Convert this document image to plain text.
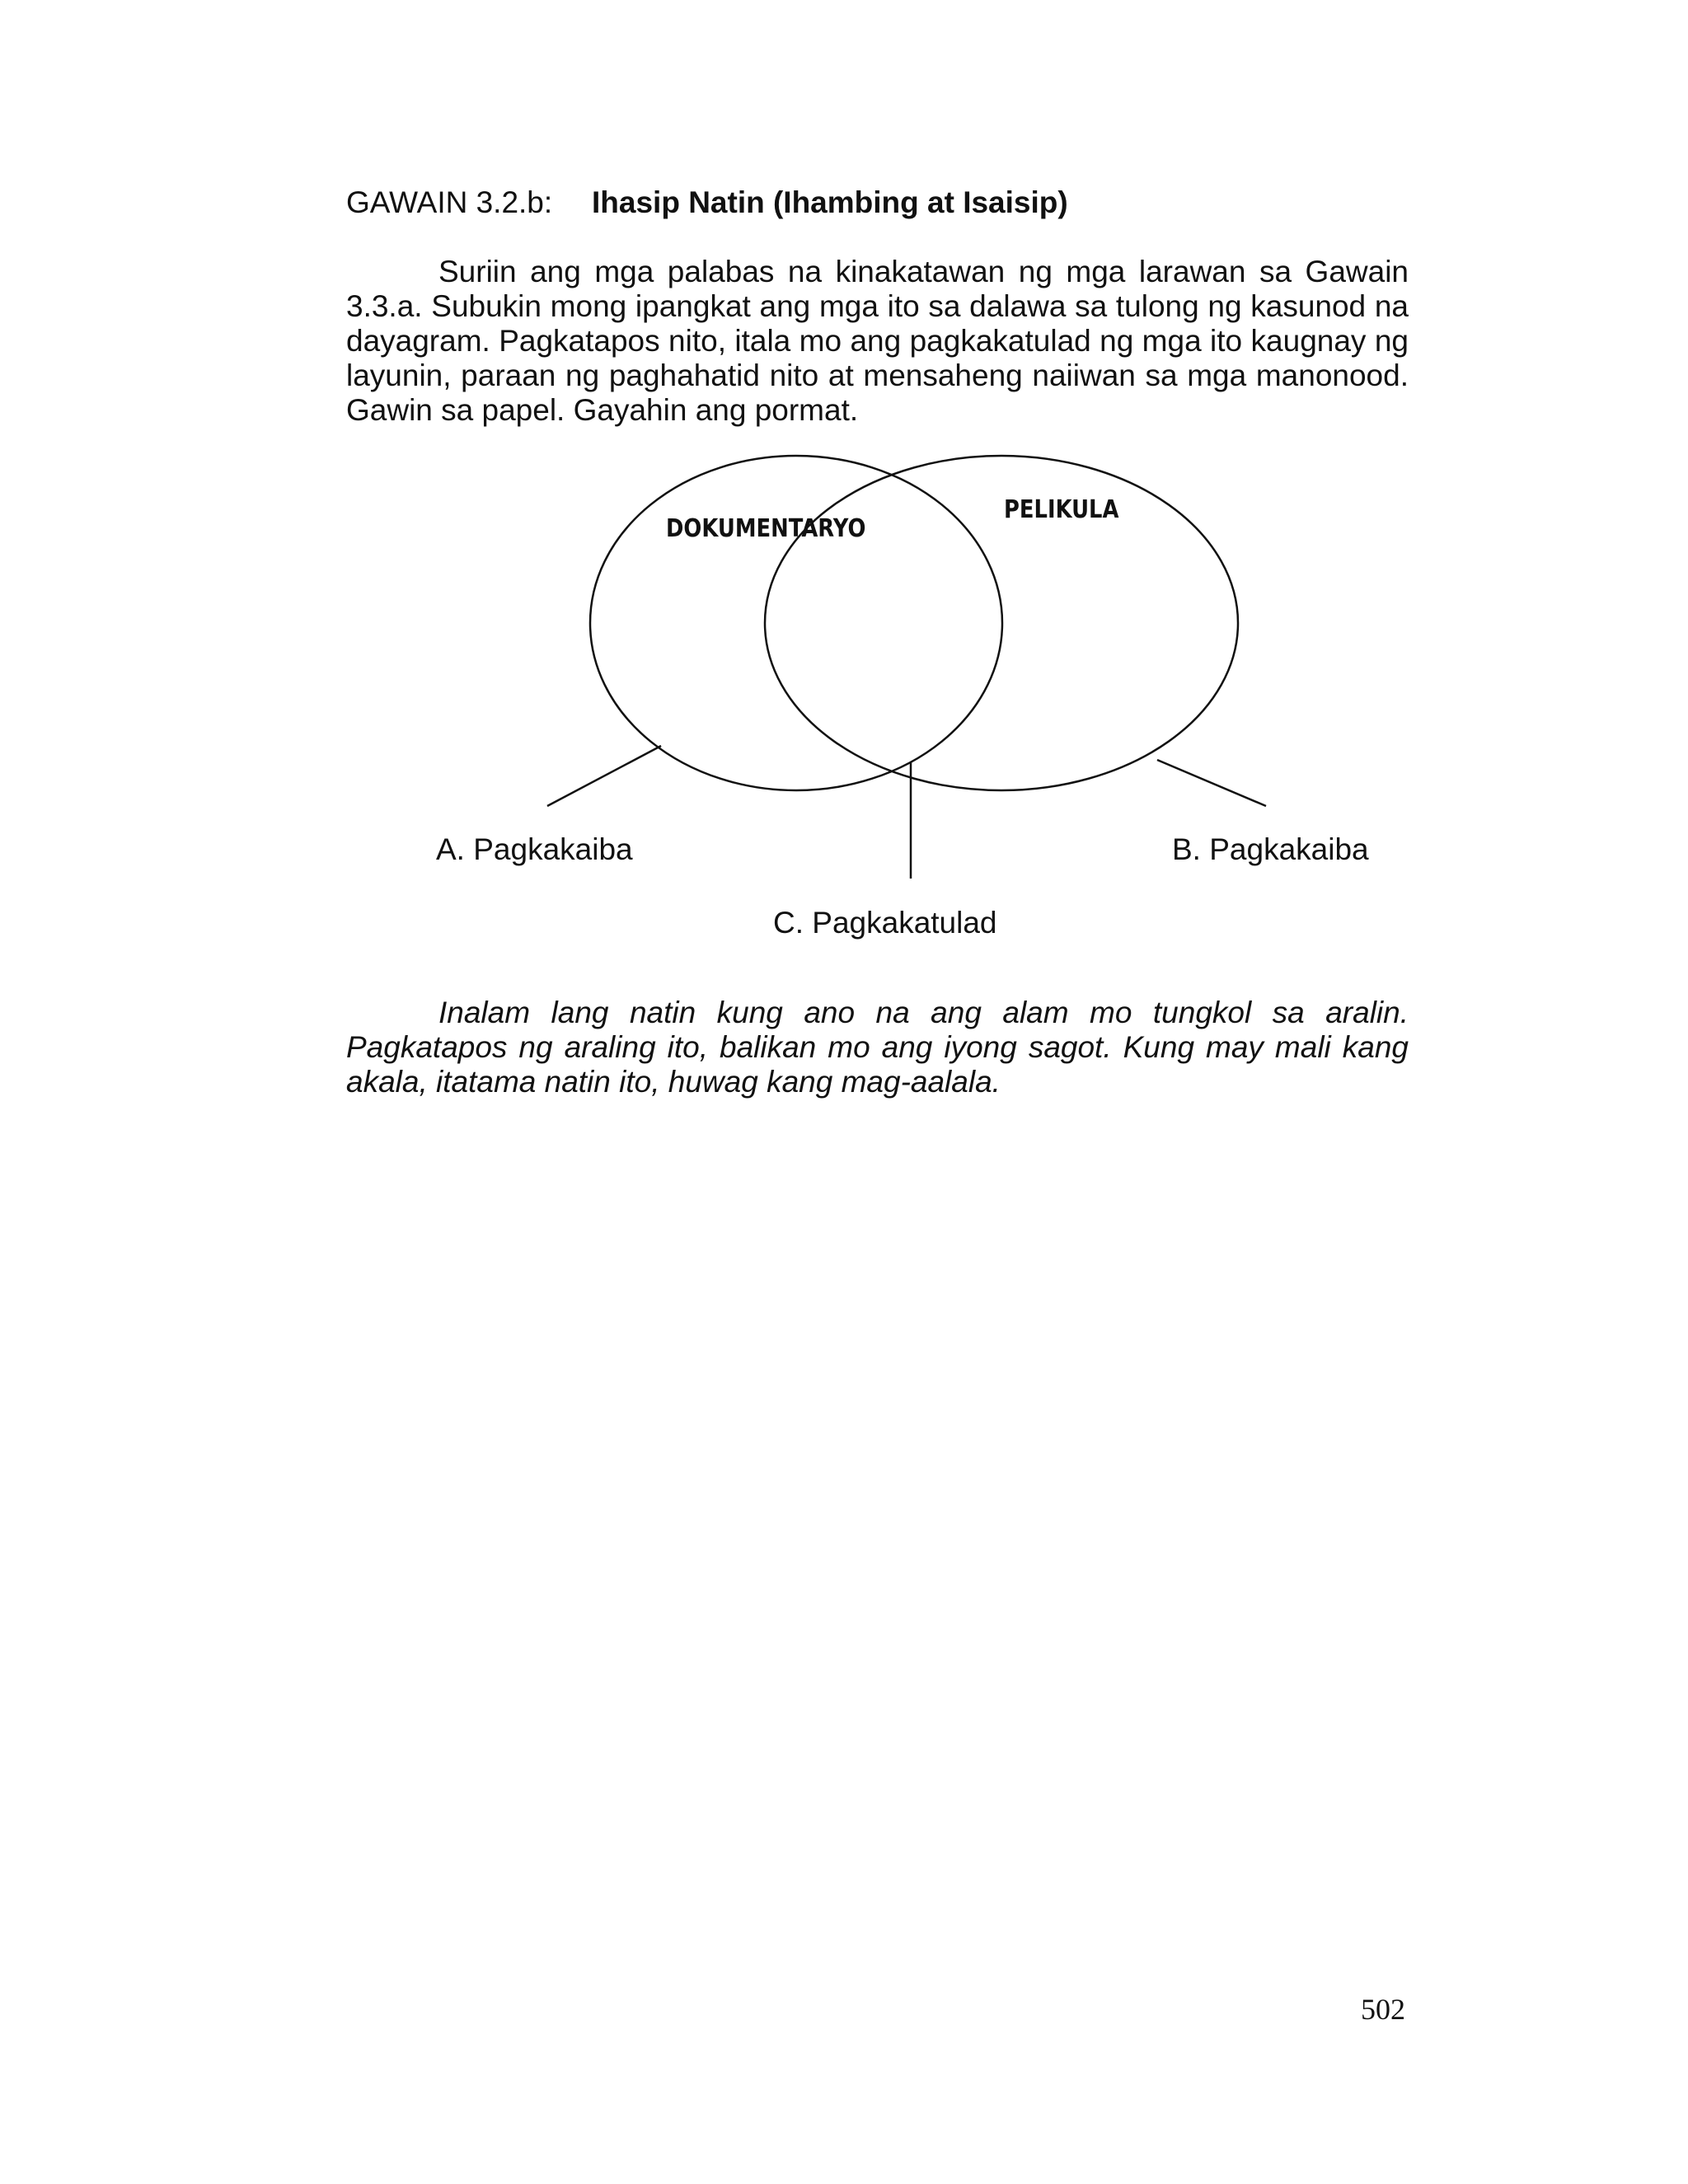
GAWAIN 3.2.b: Ihasip Natin (Ihambing at Isaisip)

Suriin ang mga palabas na kinakatawan ng mga larawan sa Gawain 3.3.a. Subukin mong ipangkat ang mga ito sa dalawa sa tulong ng kasunod na dayagram. Pagkatapos nito, itala mo ang pagkakatulad ng mga ito kaugnay ng layunin, paraan ng paghahatid nito at mensaheng naiiwan sa mga manonood. Gawin sa papel. Gayahin ang pormat.

DOKUMENTARYO
PELIKULA
A. Pagkakaiba	B. Pagkakaiba
C. Pagkakatulad

Inalam lang natin kung ano na ang alam mo tungkol sa aralin. Pagkatapos ng araling ito, balikan mo ang iyong sagot. Kung may mali kang akala, itatama natin ito, huwag kang mag-aalala.

502
